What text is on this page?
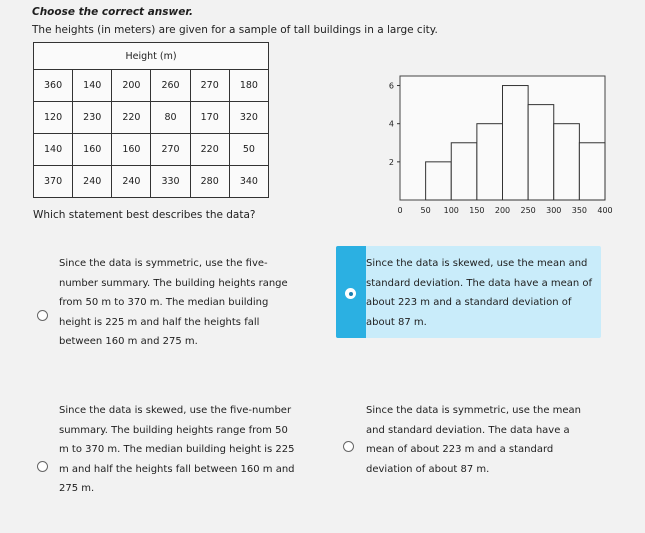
Choose the correct answer.
The heights (in meters) are given for a sample of tall buildings in a large city.
Height (m)					
360	140	200	260	270	180
120	230	220	80	170	320
140	160	160	270	220	50
370	240	240	330	280	340
Which statement best describes the data?
2
4
6
0 50 100 150 200 250 300 350 400
Since the data is symmetric, use the five-number summary. The building heights range from 50 m to 370 m. The median building height is 225 m and half the heights fall between 160 m and 275 m.
Since the data is skewed, use the mean and standard deviation. The data have a mean of about 223 m and a standard deviation of about 87 m.
Since the data is skewed, use the five-number summary. The building heights range from 50 m to 370 m. The median building height is 225 m and half the heights fall between 160 m and 275 m.
Since the data is symmetric, use the mean and standard deviation. The data have a mean of about 223 m and a standard deviation of about 87 m.
